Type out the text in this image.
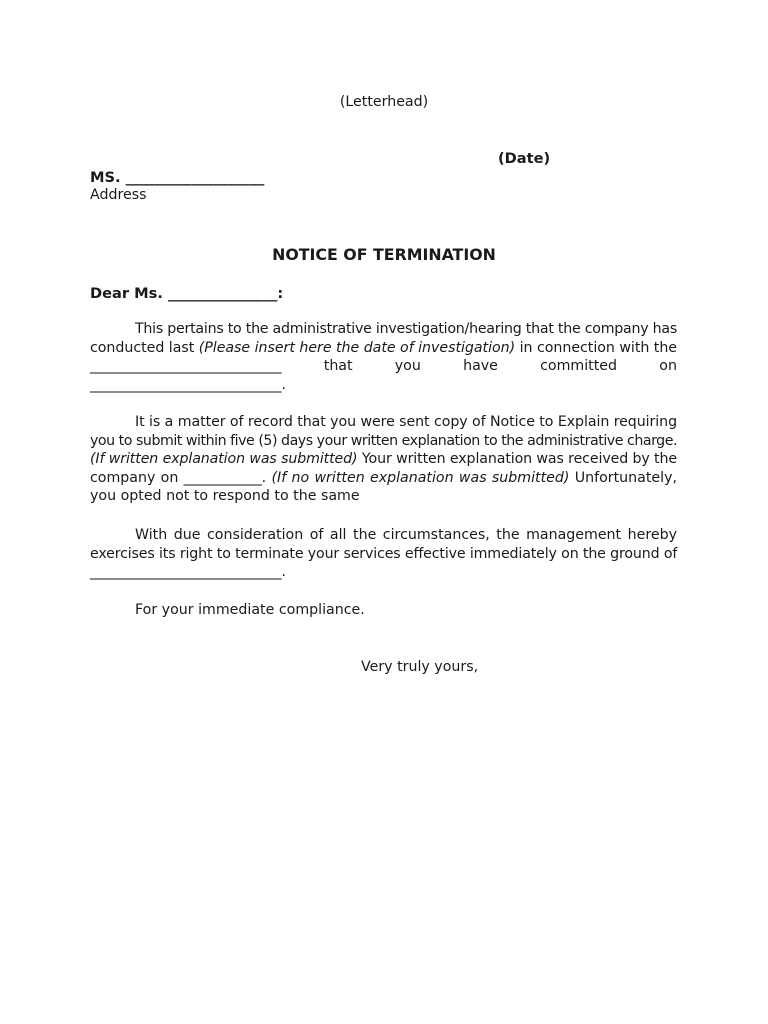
(Letterhead)
(Date)
MS. ___________________
Address
NOTICE OF TERMINATION
Dear Ms. _______________:
This pertains to the administrative investigation/hearing that the company has
conducted last (Please insert here the date of investigation) in connection with the
___________________________	that	you	have	committed	on
___________________________.
It is a matter of record that you were sent copy of Notice to Explain requiring
you to submit within five (5) days your written explanation to the administrative charge.
(If written explanation was submitted) Your written explanation was received by the
company on ___________. (If no written explanation was submitted) Unfortunately,
you opted not to respond to the same
With due consideration of all the circumstances, the management hereby
exercises its right to terminate your services effective immediately on the ground of
___________________________.
For your immediate compliance.
Very truly yours,
